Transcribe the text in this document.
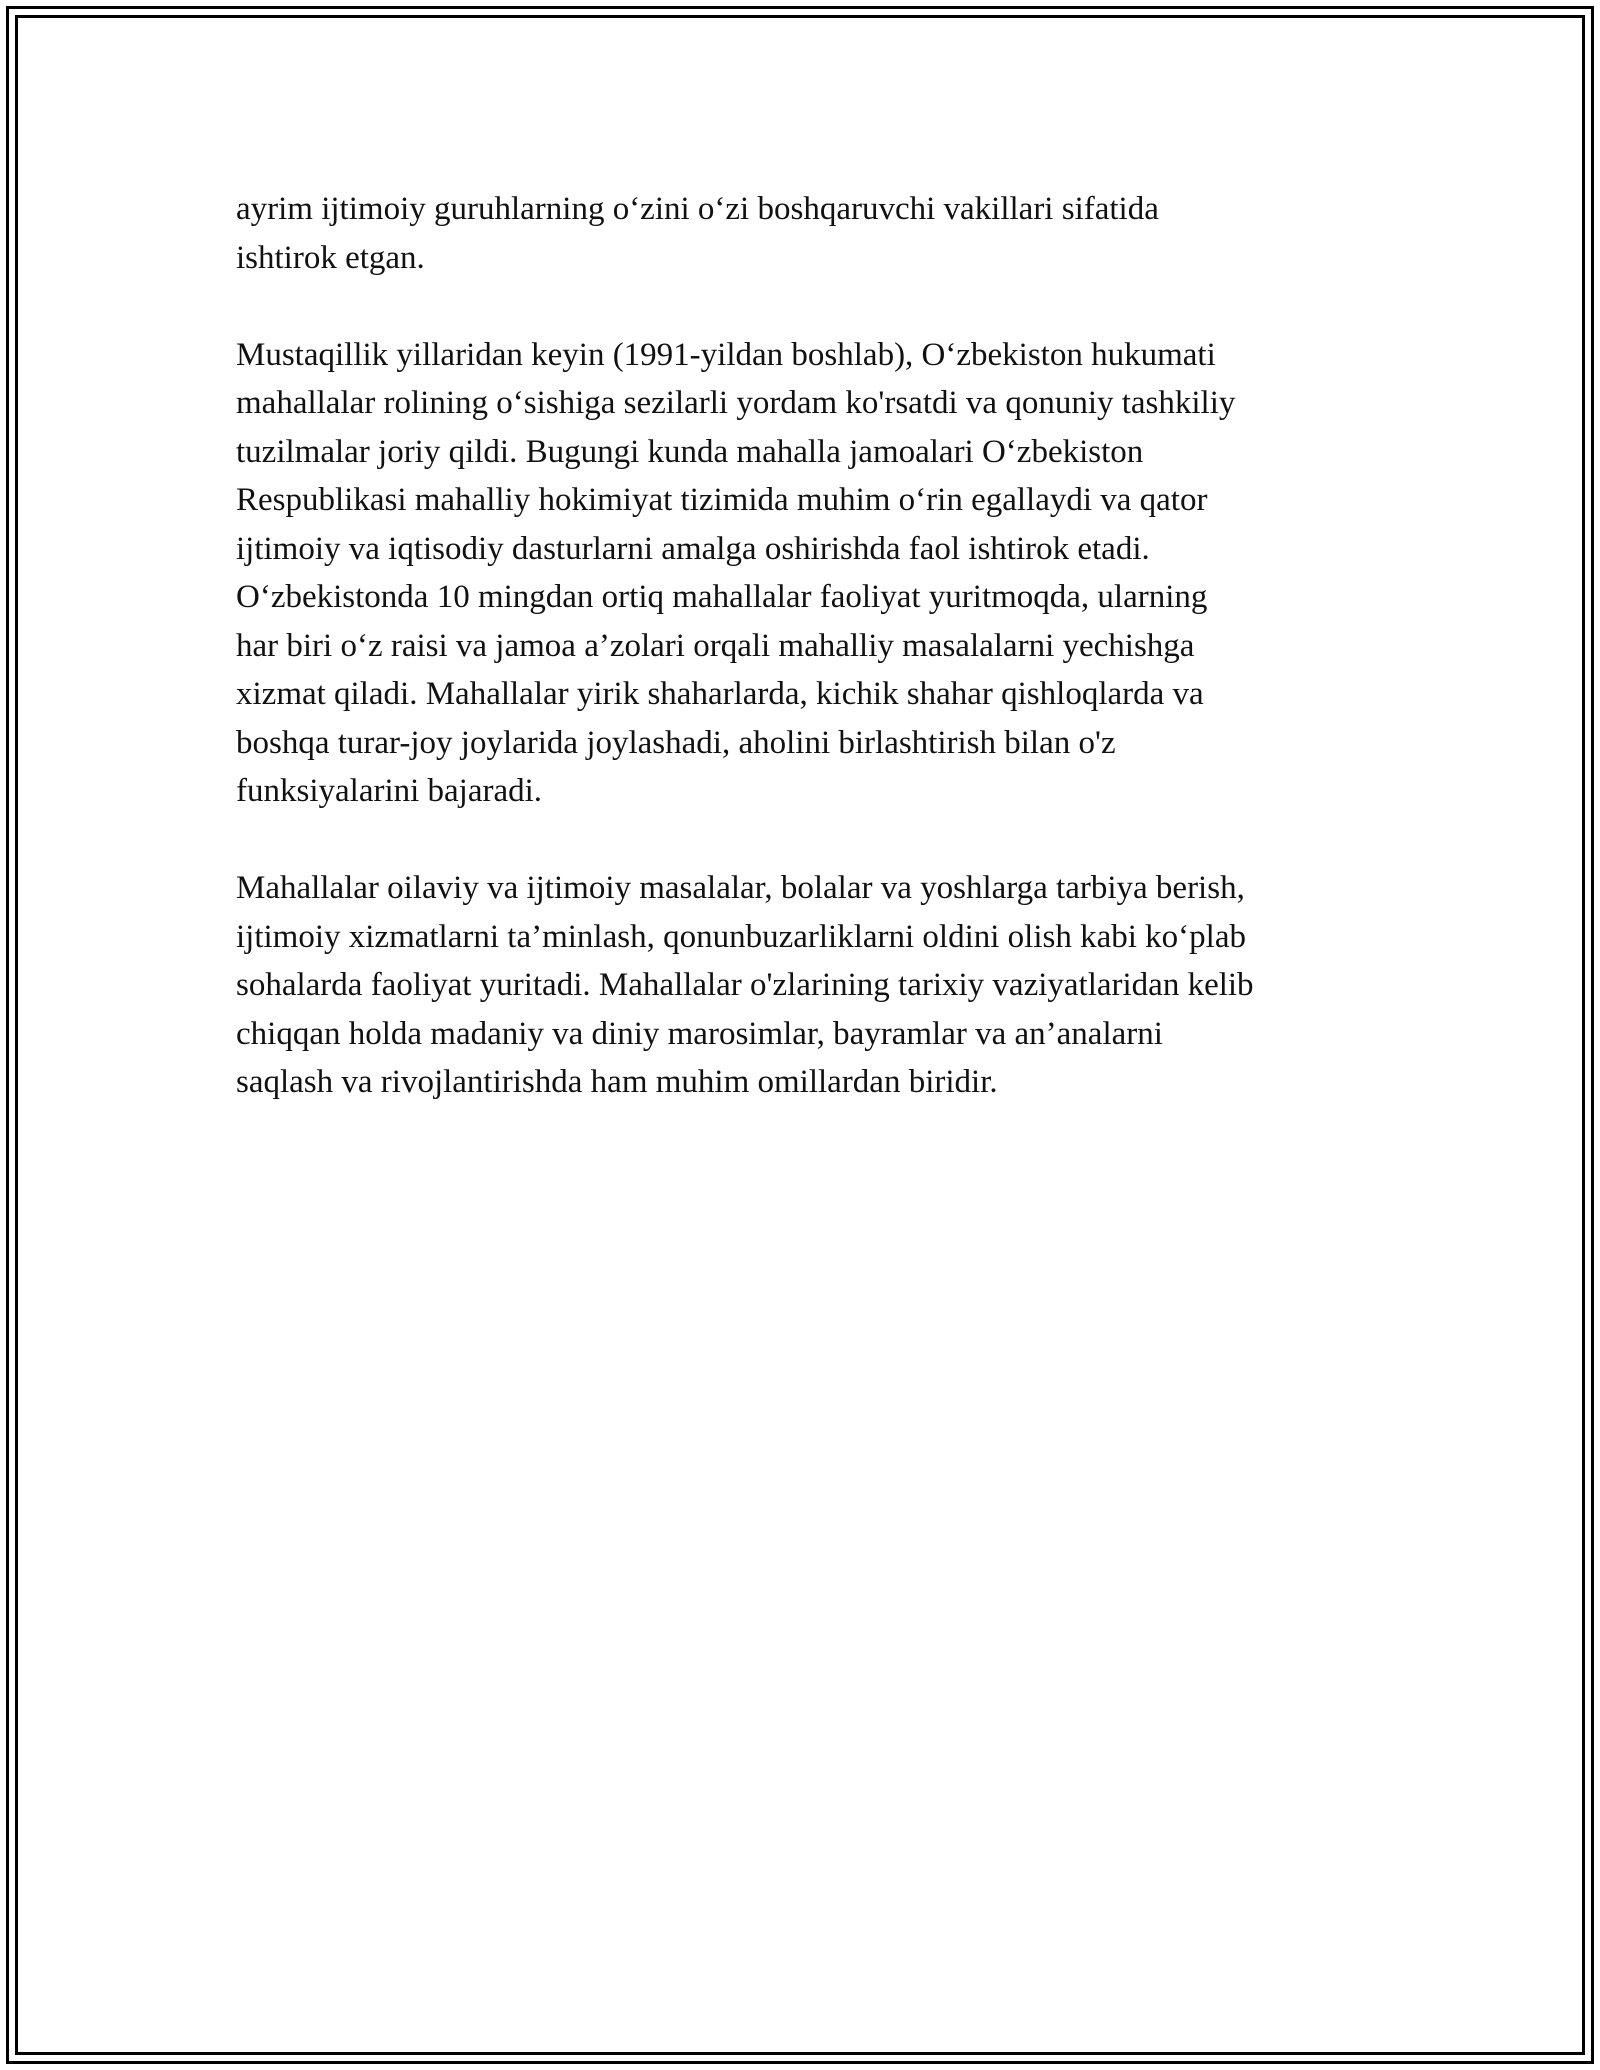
ayrim ijtimoiy guruhlarning o‘zini o‘zi boshqaruvchi vakillari sifatida
ishtirok etgan.

Mustaqillik yillaridan keyin (1991-yildan boshlab), O‘zbekiston hukumati
mahallalar rolining o‘sishiga sezilarli yordam ko'rsatdi va qonuniy tashkiliy
tuzilmalar joriy qildi. Bugungi kunda mahalla jamoalari O‘zbekiston
Respublikasi mahalliy hokimiyat tizimida muhim o‘rin egallaydi va qator
ijtimoiy va iqtisodiy dasturlarni amalga oshirishda faol ishtirok etadi.
O‘zbekistonda 10 mingdan ortiq mahallalar faoliyat yuritmoqda, ularning
har biri o‘z raisi va jamoa a’zolari orqali mahalliy masalalarni yechishga
xizmat qiladi. Mahallalar yirik shaharlarda, kichik shahar qishloqlarda va
boshqa turar-joy joylarida joylashadi, aholini birlashtirish bilan o'z
funksiyalarini bajaradi.

Mahallalar oilaviy va ijtimoiy masalalar, bolalar va yoshlarga tarbiya berish,
ijtimoiy xizmatlarni ta’minlash, qonunbuzarliklarni oldini olish kabi ko‘plab
sohalarda faoliyat yuritadi. Mahallalar o'zlarining tarixiy vaziyatlaridan kelib
chiqqan holda madaniy va diniy marosimlar, bayramlar va an’analarni
saqlash va rivojlantirishda ham muhim omillardan biridir.
